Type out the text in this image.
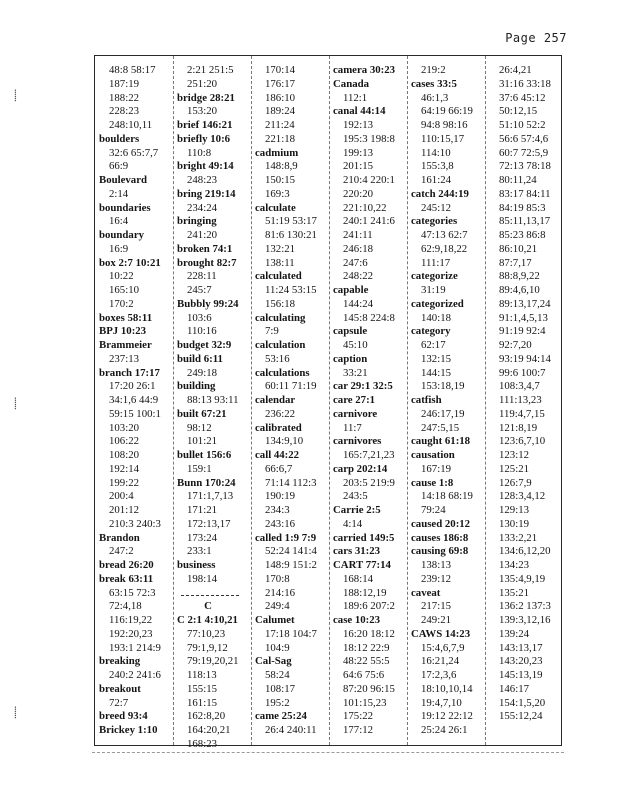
Page 257
⸽
⸽
⸽
48:8 58:17
187:19
188:22
228:23
248:10,11
boulders
32:6 65:7,7
66:9
Boulevard
2:14
boundaries
16:4
boundary
16:9
box 2:7 10:21
10:22
165:10
170:2
boxes 58:11
BPJ 10:23
Brammeier
237:13
branch 17:17
17:20 26:1
34:1,6 44:9
59:15 100:1
103:20
106:22
108:20
192:14
199:22
200:4
201:12
210:3 240:3
Brandon
247:2
bread 26:20
break 63:11
63:15 72:3
72:4,18
116:19,22
192:20,23
193:1 214:9
breaking
240:2 241:6
breakout
72:7
breed 93:4
Brickey 1:10
2:21 251:5
251:20
bridge 28:21
153:20
brief 146:21
briefly 10:6
110:8
bright 49:14
248:23
bring 219:14
234:24
bringing
241:20
broken 74:1
brought 82:7
228:11
245:7
Bubbly 99:24
103:6
110:16
budget 32:9
build 6:11
249:18
building
88:13 93:11
built 67:21
98:12
101:21
bullet 156:6
159:1
Bunn 170:24
171:1,7,13
171:21
172:13,17
173:24
233:1
business
198:14
C
C 2:1 4:10,21
77:10,23
79:1,9,12
79:19,20,21
118:13
155:15
161:15
162:8,20
164:20,21
168:23
170:14
176:17
186:10
189:24
211:24
221:18
cadmium
148:8,9
150:15
169:3
calculate
51:19 53:17
81:6 130:21
132:21
138:11
calculated
11:24 53:15
156:18
calculating
7:9
calculation
53:16
calculations
60:11 71:19
calendar
236:22
calibrated
134:9,10
call 44:22
66:6,7
71:14 112:3
190:19
234:3
243:16
called 1:9 7:9
52:24 141:4
148:9 151:2
170:8
214:16
249:4
Calumet
17:18 104:7
104:9
Cal-Sag
58:24
108:17
195:2
came 25:24
26:4 240:11
camera 30:23
Canada
112:1
canal 44:14
192:13
195:3 198:8
199:13
201:15
210:4 220:1
220:20
221:10,22
240:1 241:6
241:11
246:18
247:6
248:22
capable
144:24
145:8 224:8
capsule
45:10
caption
33:21
car 29:1 32:5
care 27:1
carnivore
11:7
carnivores
165:7,21,23
carp 202:14
203:5 219:9
243:5
Carrie 2:5
4:14
carried 149:5
cars 31:23
CART 77:14
168:14
188:12,19
189:6 207:2
case 10:23
16:20 18:12
18:12 22:9
48:22 55:5
64:6 75:6
87:20 96:15
101:15,23
175:22
177:12
219:2
cases 33:5
46:1,3
64:19 66:19
94:8 98:16
110:15,17
114:10
155:3,8
161:24
catch 244:19
245:12
categories
47:13 62:7
62:9,18,22
111:17
categorize
31:19
categorized
140:18
category
62:17
132:15
144:15
153:18,19
catfish
246:17,19
247:5,15
caught 61:18
causation
167:19
cause 1:8
14:18 68:19
79:24
caused 20:12
causes 186:8
causing 69:8
138:13
239:12
caveat
217:15
249:21
CAWS 14:23
15:4,6,7,9
16:21,24
17:2,3,6
18:10,10,14
19:4,7,10
19:12 22:12
25:24 26:1
26:4,21
31:16 33:18
37:6 45:12
50:12,15
51:10 52:2
56:6 57:4,6
60:7 72:5,9
72:13 78:18
80:11,24
83:17 84:11
84:19 85:3
85:11,13,17
85:23 86:8
86:10,21
87:7,17
88:8,9,22
89:4,6,10
89:13,17,24
91:1,4,5,13
91:19 92:4
92:7,20
93:19 94:14
99:6 100:7
108:3,4,7
111:13,23
119:4,7,15
121:8,19
123:6,7,10
123:12
125:21
126:7,9
128:3,4,12
129:13
130:19
133:2,21
134:6,12,20
134:23
135:4,9,19
135:21
136:2 137:3
139:3,12,16
139:24
143:13,17
143:20,23
145:13,19
146:17
154:1,5,20
155:12,24
